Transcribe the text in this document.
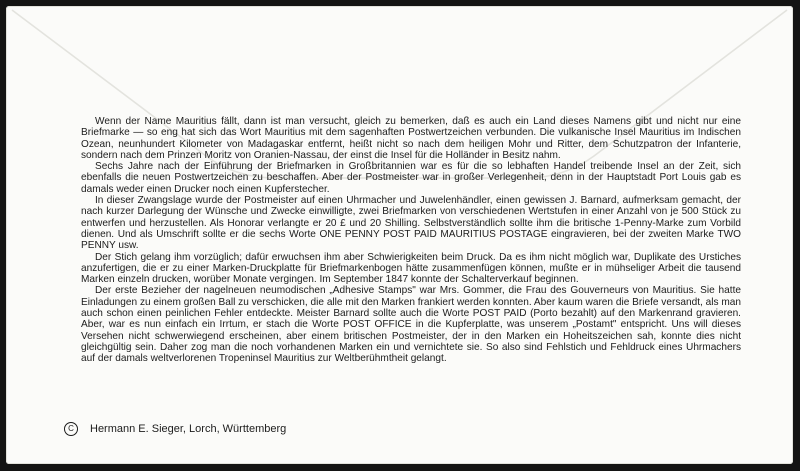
Wenn der Name Mauritius fällt, dann ist man versucht, gleich zu bemerken, daß es auch ein Land dieses Namens gibt und nicht nur eine Briefmarke — so eng hat sich das Wort Mauritius mit dem sagenhaften Postwertzeichen verbunden. Die vulkanische Insel Mauritius im Indischen Ozean, neunhundert Kilometer von Madagaskar entfernt, heißt nicht so nach dem heiligen Mohr und Ritter, dem Schutzpatron der Infanterie, sondern nach dem Prinzen Moritz von Oranien-Nassau, der einst die Insel für die Holländer in Besitz nahm.

Sechs Jahre nach der Einführung der Briefmarken in Großbritannien war es für die so lebhaften Handel treibende Insel an der Zeit, sich ebenfalls die neuen Postwertzeichen zu beschaffen. Aber der Postmeister war in großer Verlegenheit, denn in der Hauptstadt Port Louis gab es damals weder einen Drucker noch einen Kupferstecher.

In dieser Zwangslage wurde der Postmeister auf einen Uhrmacher und Juwelenhändler, einen gewissen J. Barnard, aufmerksam gemacht, der nach kurzer Darlegung der Wünsche und Zwecke einwilligte, zwei Briefmarken von verschiedenen Wertstufen in einer Anzahl von je 500 Stück zu entwerfen und herzustellen. Als Honorar verlangte er 20 £ und 20 Shilling. Selbstverständlich sollte ihm die britische 1-Penny-Marke zum Vorbild dienen. Und als Umschrift sollte er die sechs Worte ONE PENNY POST PAID MAURITIUS POSTAGE eingravieren, bei der zweiten Marke TWO PENNY usw.

Der Stich gelang ihm vorzüglich; dafür erwuchsen ihm aber Schwierigkeiten beim Druck. Da es ihm nicht möglich war, Duplikate des Urstiches anzufertigen, die er zu einer Marken-Druckplatte für Briefmarkenbogen hätte zusammenfügen können, mußte er in mühseliger Arbeit die tausend Marken einzeln drucken, worüber Monate vergingen. Im September 1847 konnte der Schalterverkauf beginnen.

Der erste Bezieher der nagelneuen neumodischen „Adhesive Stamps" war Mrs. Gommer, die Frau des Gouverneurs von Mauritius. Sie hatte Einladungen zu einem großen Ball zu verschicken, die alle mit den Marken frankiert werden konnten. Aber kaum waren die Briefe versandt, als man auch schon einen peinlichen Fehler entdeckte. Meister Barnard sollte auch die Worte POST PAID (Porto bezahlt) auf den Markenrand gravieren. Aber, war es nun einfach ein Irrtum, er stach die Worte POST OFFICE in die Kupferplatte, was unserem „Postamt" entspricht. Uns will dieses Versehen nicht schwerwiegend erscheinen, aber einem britischen Postmeister, der in den Marken ein Hoheitszeichen sah, konnte dies nicht gleichgültig sein. Daher zog man die noch vorhandenen Marken ein und vernichtete sie. So also sind Fehlstich und Fehldruck eines Uhrmachers auf der damals weltverlorenen Tropeninsel Mauritius zur Weltberühmtheit gelangt.

C	Hermann E. Sieger, Lorch, Württemberg
